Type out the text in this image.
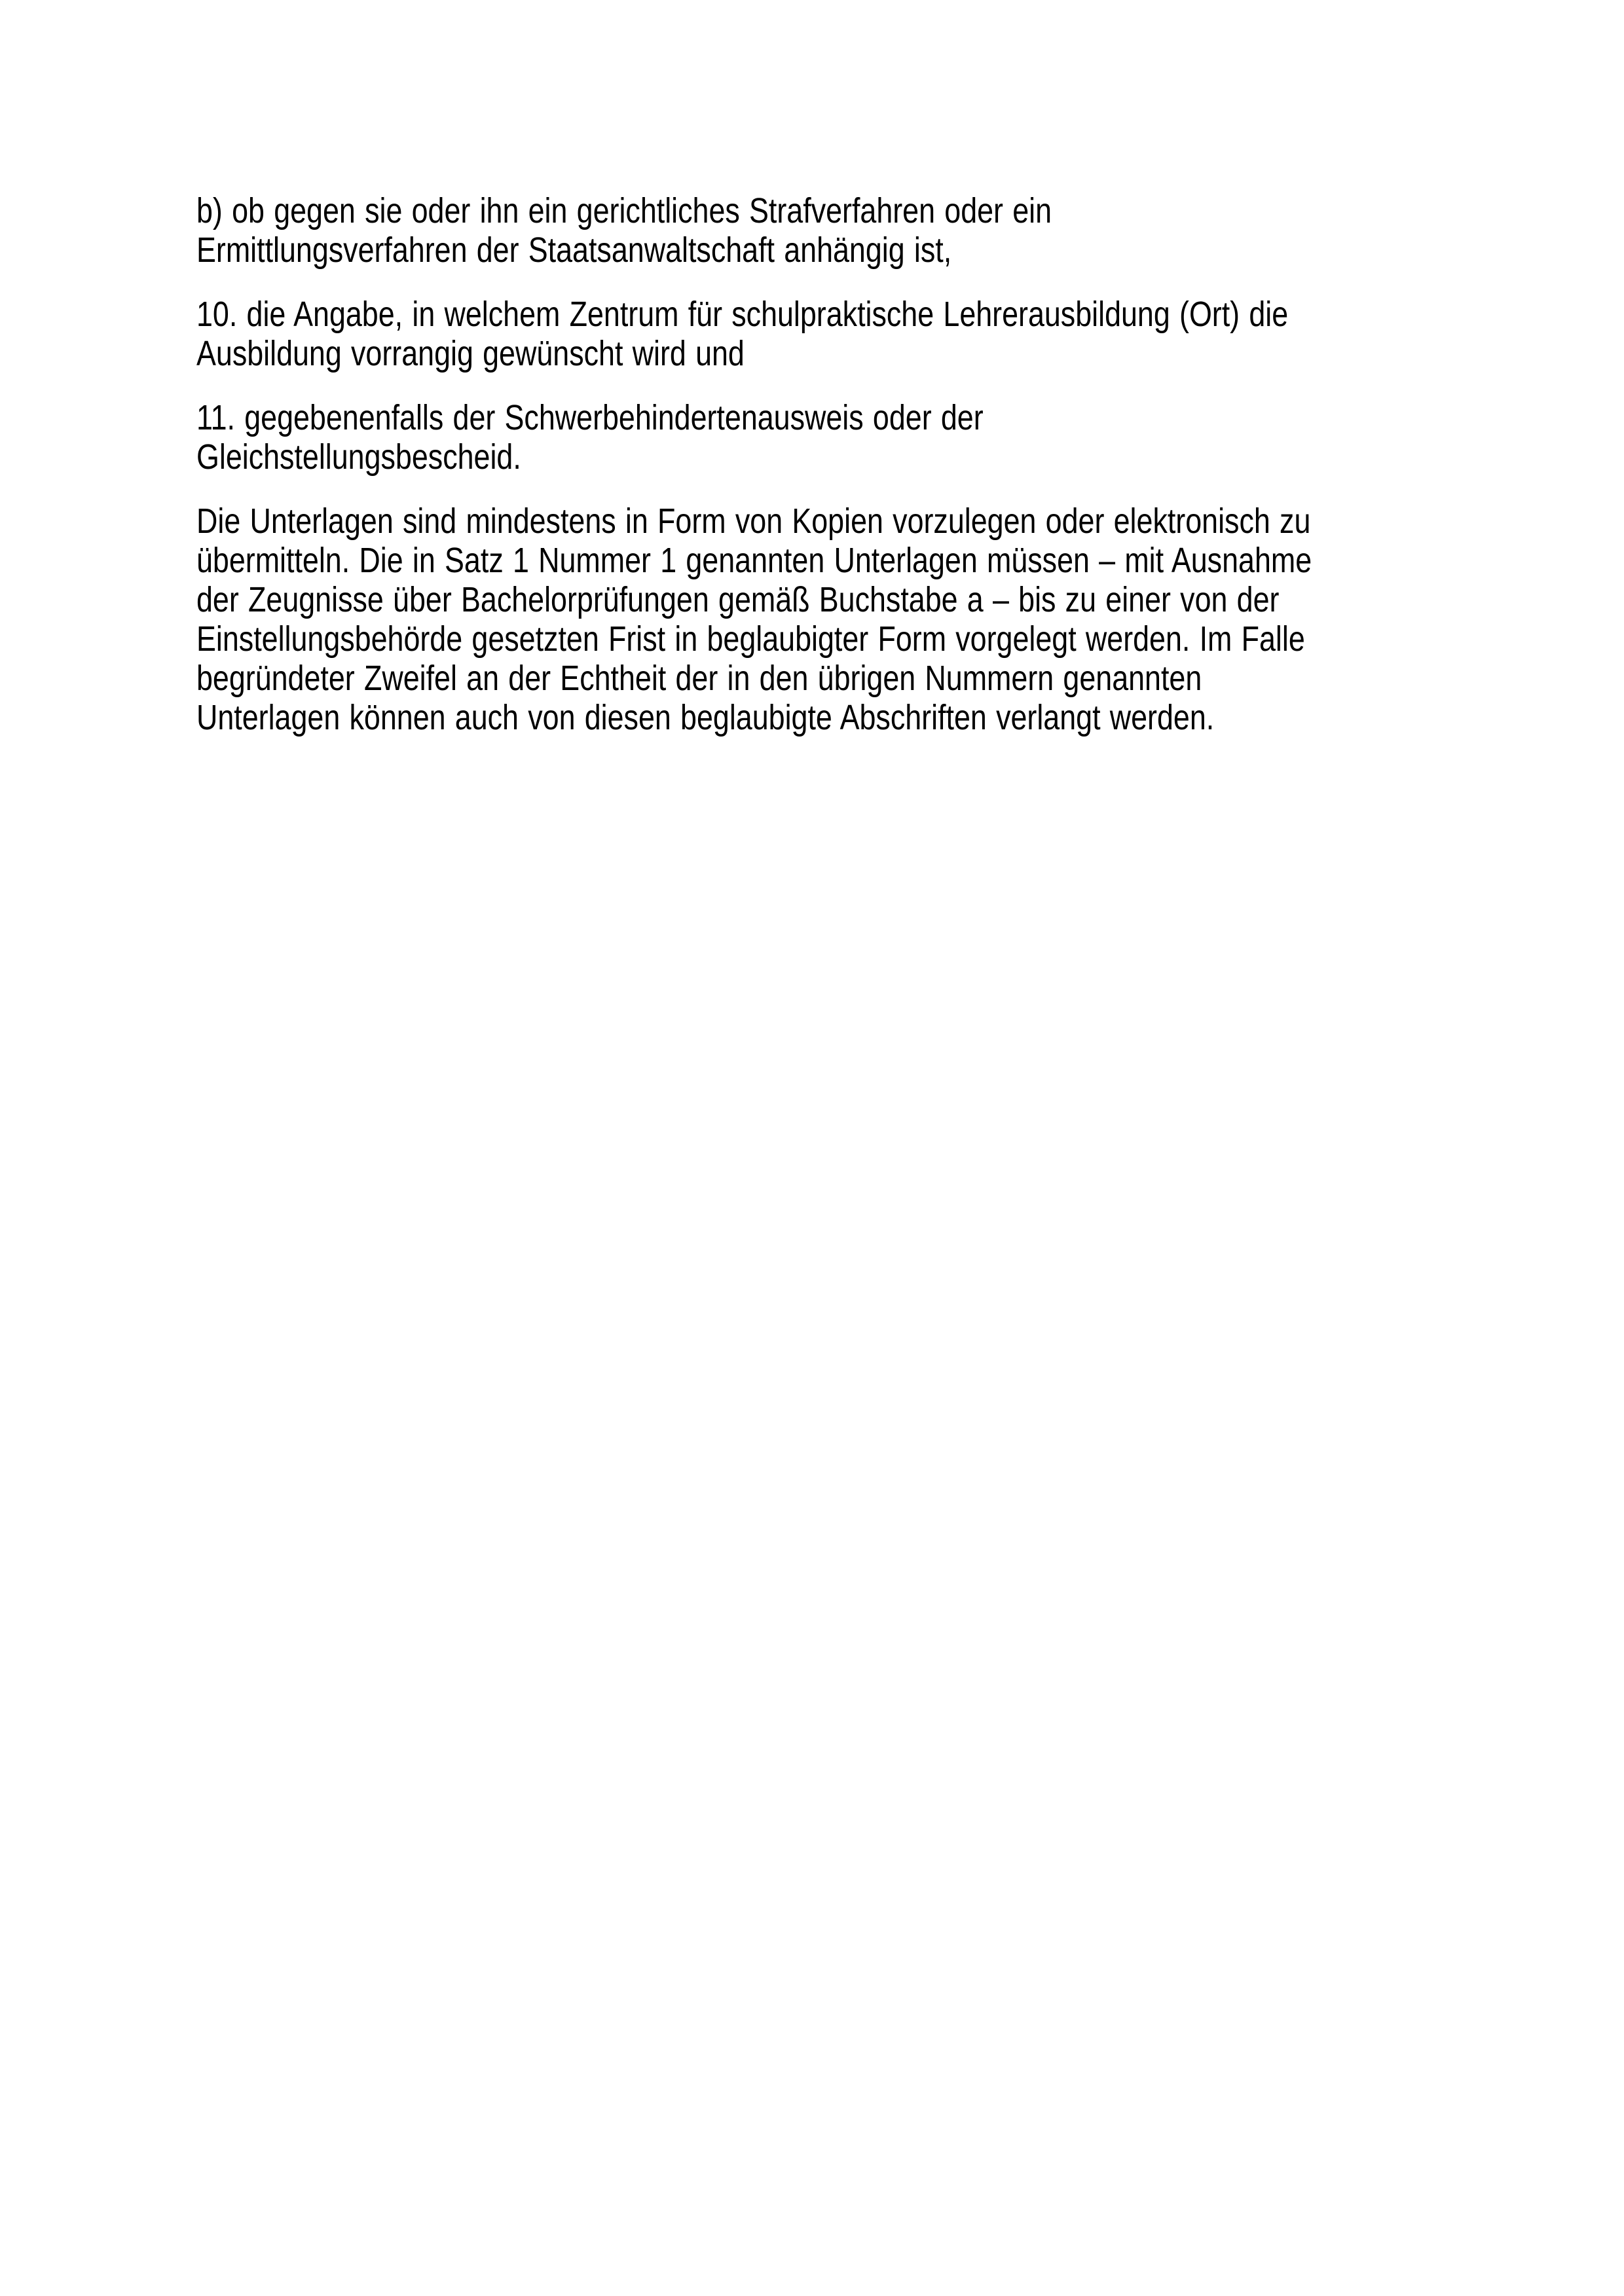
b) ob gegen sie oder ihn ein gerichtliches Strafverfahren oder ein
Ermittlungsverfahren der Staatsanwaltschaft anhängig ist,

10. die Angabe, in welchem Zentrum für schulpraktische Lehrerausbildung (Ort) die
Ausbildung vorrangig gewünscht wird und

11. gegebenenfalls der Schwerbehindertenausweis oder der
Gleichstellungsbescheid.

Die Unterlagen sind mindestens in Form von Kopien vorzulegen oder elektronisch zu
übermitteln. Die in Satz 1 Nummer 1 genannten Unterlagen müssen – mit Ausnahme
der Zeugnisse über Bachelorprüfungen gemäß Buchstabe a – bis zu einer von der
Einstellungsbehörde gesetzten Frist in beglaubigter Form vorgelegt werden. Im Falle
begründeter Zweifel an der Echtheit der in den übrigen Nummern genannten
Unterlagen können auch von diesen beglaubigte Abschriften verlangt werden.
